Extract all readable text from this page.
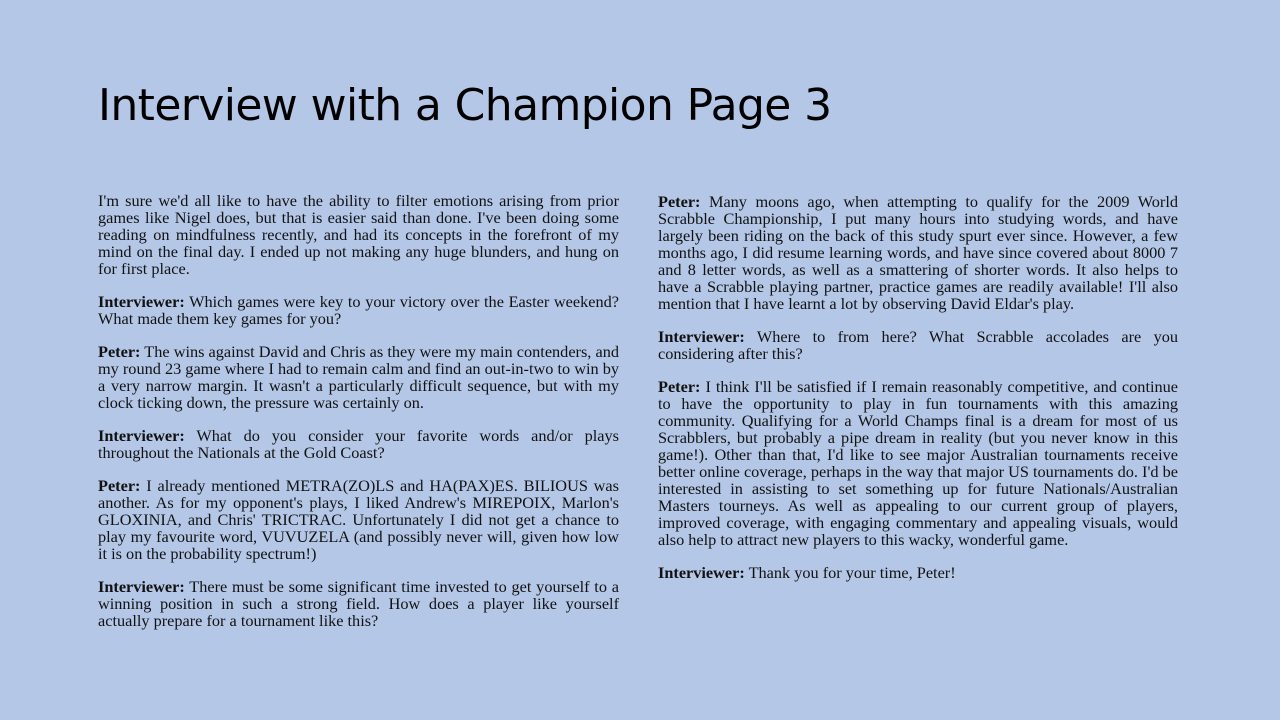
Interview with a Champion Page 3

I'm sure we'd all like to have the ability to filter emotions arising from prior games like Nigel does, but that is easier said than done. I've been doing some reading on mindfulness recently, and had its concepts in the forefront of my mind on the final day. I ended up not making any huge blunders, and hung on for first place.

Interviewer: Which games were key to your victory over the Easter weekend? What made them key games for you?

Peter: The wins against David and Chris as they were my main contenders, and my round 23 game where I had to remain calm and find an out-in-two to win by a very narrow margin. It wasn't a particularly difficult sequence, but with my clock ticking down, the pressure was certainly on.

Interviewer: What do you consider your favorite words and/or plays throughout the Nationals at the Gold Coast?

Peter: I already mentioned METRA(ZO)LS and HA(PAX)ES. BILIOUS was another. As for my opponent's plays, I liked Andrew's MIREPOIX, Marlon's GLOXINIA, and Chris' TRICTRAC. Unfortunately I did not get a chance to play my favourite word, VUVUZELA (and possibly never will, given how low it is on the probability spectrum!)

Interviewer: There must be some significant time invested to get yourself to a winning position in such a strong field. How does a player like yourself actually prepare for a tournament like this?

Peter: Many moons ago, when attempting to qualify for the 2009 World Scrabble Championship, I put many hours into studying words, and have largely been riding on the back of this study spurt ever since. However, a few months ago, I did resume learning words, and have since covered about 8000 7 and 8 letter words, as well as a smattering of shorter words. It also helps to have a Scrabble playing partner, practice games are readily available! I'll also mention that I have learnt a lot by observing David Eldar's play.

Interviewer: Where to from here? What Scrabble accolades are you considering after this?

Peter: I think I'll be satisfied if I remain reasonably competitive, and continue to have the opportunity to play in fun tournaments with this amazing community. Qualifying for a World Champs final is a dream for most of us Scrabblers, but probably a pipe dream in reality (but you never know in this game!). Other than that, I'd like to see major Australian tournaments receive better online coverage, perhaps in the way that major US tournaments do. I'd be interested in assisting to set something up for future Nationals/Australian Masters tourneys. As well as appealing to our current group of players, improved coverage, with engaging commentary and appealing visuals, would also help to attract new players to this wacky, wonderful game.

Interviewer: Thank you for your time, Peter!
